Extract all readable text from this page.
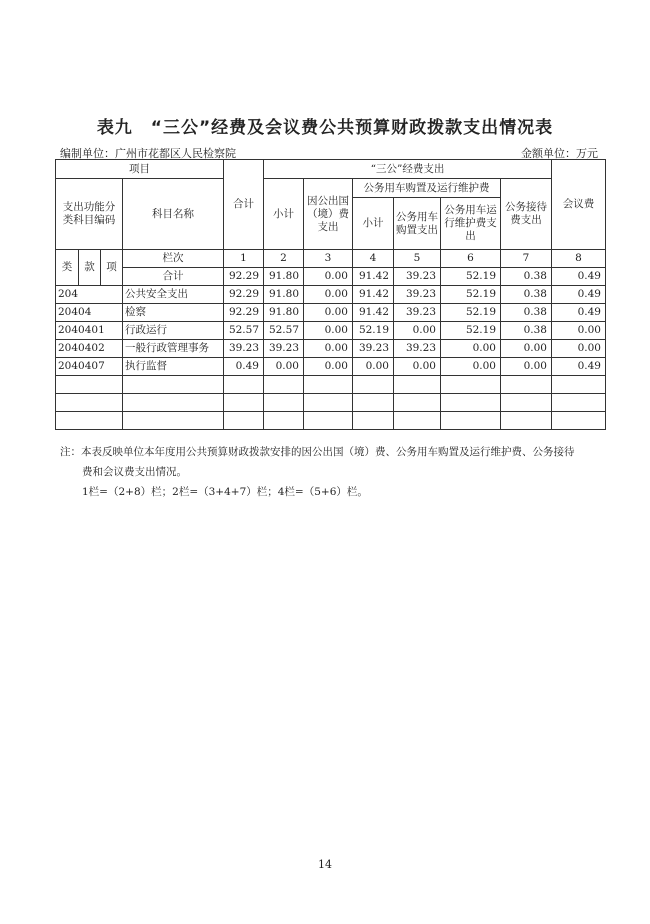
表九　“三公”经费及会议费公共预算财政拨款支出情况表
编制单位：广州市花都区人民检察院	金额单位：万元
项目				合计	“三公”经费支出						会议费
支出功能分类科目编码			科目名称		小计	因公出国（境）费支出	公务用车购置及运行维护费			公务接待费支出	
							小计	公务用车购置支出	公务用车运行维护费支出		
类	款	项	栏次	1	2	3	4	5	6	7	8
			合计	92.29	91.80	0.00	91.42	39.23	52.19	0.38	0.49
204			公共安全支出	92.29	91.80	0.00	91.42	39.23	52.19	0.38	0.49
20404			检察	92.29	91.80	0.00	91.42	39.23	52.19	0.38	0.49
2040401			行政运行	52.57	52.57	0.00	52.19	0.00	52.19	0.38	0.00
2040402			一般行政管理事务	39.23	39.23	0.00	39.23	39.23	0.00	0.00	0.00
2040407			执行监督	0.49	0.00	0.00	0.00	0.00	0.00	0.00	0.49

注：本表反映单位本年度用公共预算财政拨款安排的因公出国（境）费、公务用车购置及运行维护费、公务接待

费和会议费支出情况。

1栏=（2+8）栏；2栏=（3+4+7）栏；4栏=（5+6）栏。

14
